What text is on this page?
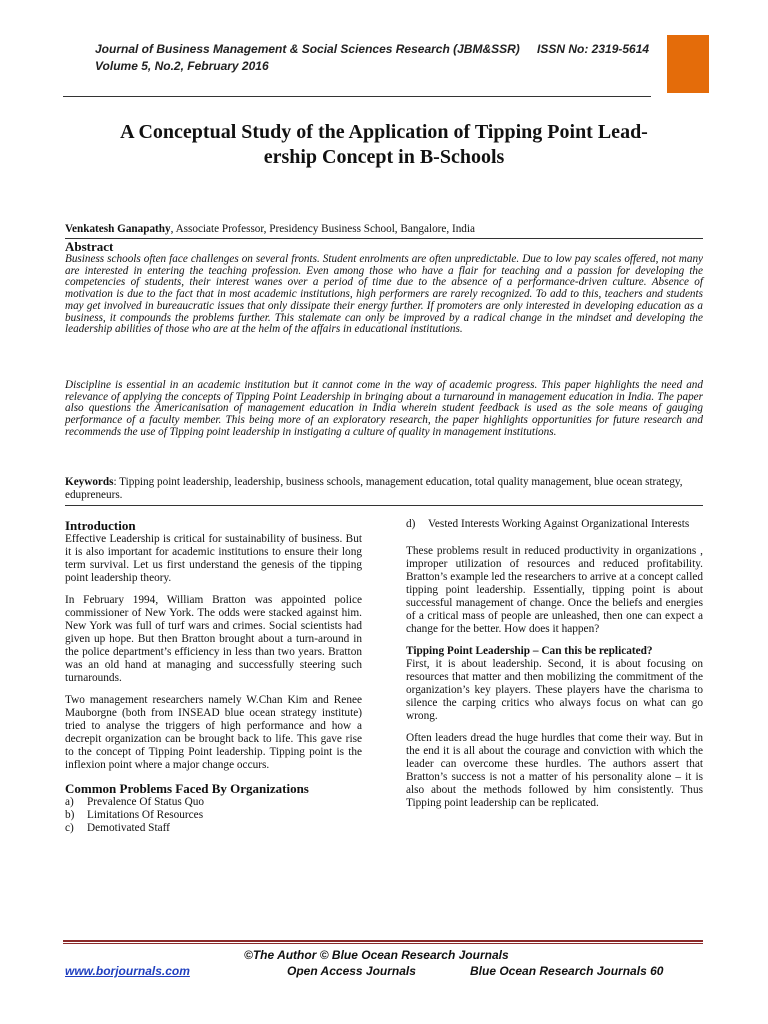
Journal of Business Management & Social Sciences Research (JBM&SSR) ISSN No: 2319-5614
Volume 5, No.2, February 2016
A Conceptual Study of the Application of Tipping Point Lead-
ership Concept in B-Schools
Venkatesh Ganapathy, Associate Professor, Presidency Business School, Bangalore, India
Abstract
Business schools often face challenges on several fronts. Student enrolments are often unpredictable. Due to low pay scales offered, not many are interested in entering the teaching profession. Even among those who have a flair for teaching and a passion for developing the competencies of students, their interest wanes over a period of time due to the absence of a performance-driven culture. Absence of motivation is due to the fact that in most academic institutions, high performers are rarely recognized. To add to this, teachers and students may get involved in bureaucratic issues that only dissipate their energy further. If promoters are only interested in developing education as a business, it compounds the problems further. This stalemate can only be improved by a radical change in the mindset and developing the leadership abilities of those who are at the helm of the affairs in educational institutions.
Discipline is essential in an academic institution but it cannot come in the way of academic progress. This paper highlights the need and relevance of applying the concepts of Tipping Point Leadership in bringing about a turnaround in management education in India. The paper also questions the Americanisation of management education in India wherein student feedback is used as the sole means of gauging performance of a faculty member. This being more of an exploratory research, the paper highlights opportunities for future research and recommends the use of Tipping point leadership in instigating a culture of quality in management institutions.
Keywords: Tipping point leadership, leadership, business schools, management education, total quality management, blue ocean strategy, edupreneurs.

Introduction

Effective Leadership is critical for sustainability of business. But it is also important for academic institutions to ensure their long term survival. Let us first understand the genesis of the tipping point leadership theory.

In February 1994, William Bratton was appointed police commissioner of New York. The odds were stacked against him. New York was full of turf wars and crimes. Social scientists had given up hope. But then Bratton brought about a turn-around in the police department’s efficiency in less than two years. Bratton was an old hand at managing and successfully steering such turnarounds.

Two management researchers namely W.Chan Kim and Renee Mauborgne (both from INSEAD blue ocean strategy institute) tried to analyse the triggers of high performance and how a decrepit organization can be brought back to life. This gave rise to the concept of Tipping Point leadership. Tipping point is the inflexion point where a major change occurs.

Common Problems Faced By Organizations

a)	Prevalence Of Status Quo
b)	Limitations Of Resources
c)	Demotivated Staff
d)	Vested Interests Working Against Organizational Interests

These problems result in reduced productivity in organizations , improper utilization of resources and reduced profitability. Bratton’s example led the researchers to arrive at a concept called tipping point leadership. Essentially, tipping point is about successful management of change. Once the beliefs and energies of a critical mass of people are unleashed, then one can expect a change for the better. How does it happen?

Tipping Point Leadership – Can this be replicated?

First, it is about leadership. Second, it is about focusing on resources that matter and then mobilizing the commitment of the organization’s key players. These players have the charisma to silence the carping critics who always focus on what can go wrong.

Often leaders dread the huge hurdles that come their way. But in the end it is all about the courage and conviction with which the leader can overcome these hurdles. The authors assert that Bratton’s success is not a matter of his personality alone – it is also about the methods followed by him consistently. Thus Tipping point leadership can be replicated.

©The Author © Blue Ocean Research Journals
www.borjournals.com	Open Access Journals	Blue Ocean Research Journals 60
